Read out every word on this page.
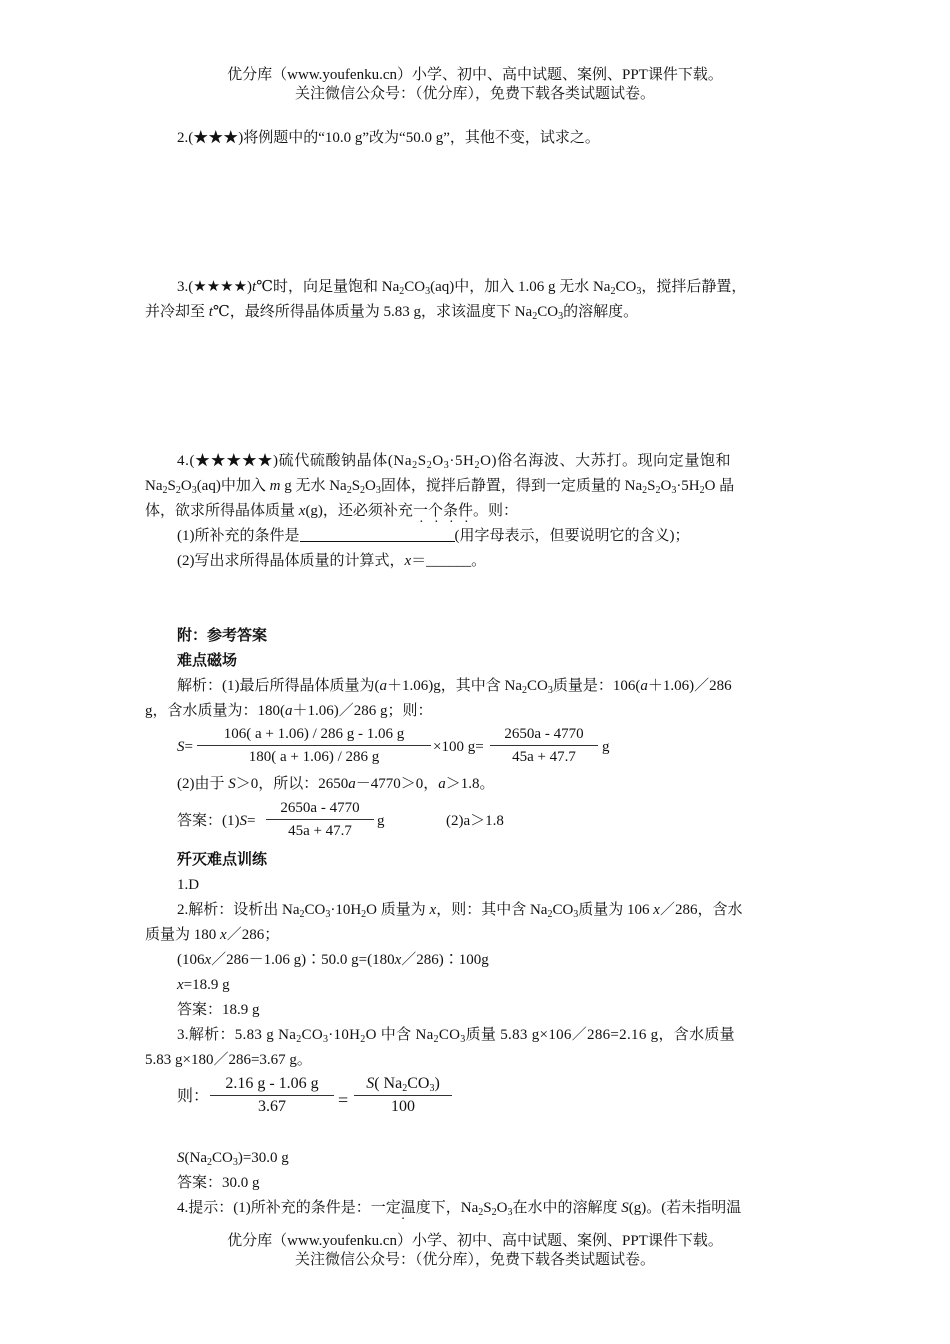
优分库（www.youfenku.cn）小学、初中、高中试题、案例、PPT课件下载。
关注微信公众号：（优分库），免费下载各类试题试卷。
2.(★★★)将例题中的“10.0 g”改为“50.0 g”，其他不变，试求之。
3.(★★★★)t℃时，向足量饱和 $Na_2CO_3(aq)$中，加入 1.06 g 无水 $Na_2CO_3$，搅拌后静置，
并冷却至 t℃，最终所得晶体质量为 5.83 g，求该温度下 $Na_2CO_3$的溶解度。
4.(★★★★★)硫代硫酸钠晶体$(Na_2S_2O_3\cdot 5H_2O)$俗名海波、大苏打。现向定量饱和
$Na_2S_2O_3(aq)$中加入 m g 无水 $Na_2S_2O_3$固体，搅拌后静置，得到一定质量的 $Na_2S_2O_3\cdot 5H_2O$ 晶
体，欲求所得晶体质量 x(g)，还必须补充一个条件。则：
(1)所补充的条件是	(用字母表示，但要说明它的含义)；
(2)写出求所得晶体质量的计算式，x＝______。
附：参考答案
难点磁场
解析：(1)最后所得晶体质量为(a＋1.06)g，其中含 $Na_2CO_3$质量是：106(a＋1.06)／286
g，含水质量为：180(a＋1.06)／286 g；则：
S=
106( a + 1.06) / 286 g - 1.06 g
180( a + 1.06) / 286 g
×100 g=
2650a - 4770
45a + 47.7
g
(2)由于 S＞0，所以：2650a－4770＞0，a＞1.8。
答案：(1)S=
2650a - 4770
45a + 47.7
g	(2)a＞1.8
歼灭难点训练
1.D
2.解析：设析出 $Na_2CO_3\cdot 10H_2O$ 质量为 x，则：其中含 $Na_2CO_3$质量为 106 x／286，含水
质量为 180 x／286；
(106x／286－1.06 g)∶50.0 g=(180x／286)∶100g
x=18.9 g
答案：18.9 g
3.解析：5.83 g $Na_2CO_3\cdot 10H_2O$ 中含 $Na_2CO_3$质量 5.83 g×106／286=2.16 g，含水质量
5.83 g×180／286=3.67 g。
则：
2.16 g - 1.06 g
3.67	=
S( $Na_2CO_3$)
100
$S(Na_2CO_3)=30.0$ g
答案：30.0 g
4.提示：(1)所补充的条件是：一定温度下 ·，$Na_2S_2O_3$在水中的溶解度 S(g)。(若未指明温
优分库（www.youfenku.cn）小学、初中、高中试题、案例、PPT课件下载。
关注微信公众号：（优分库），免费下载各类试题试卷。
